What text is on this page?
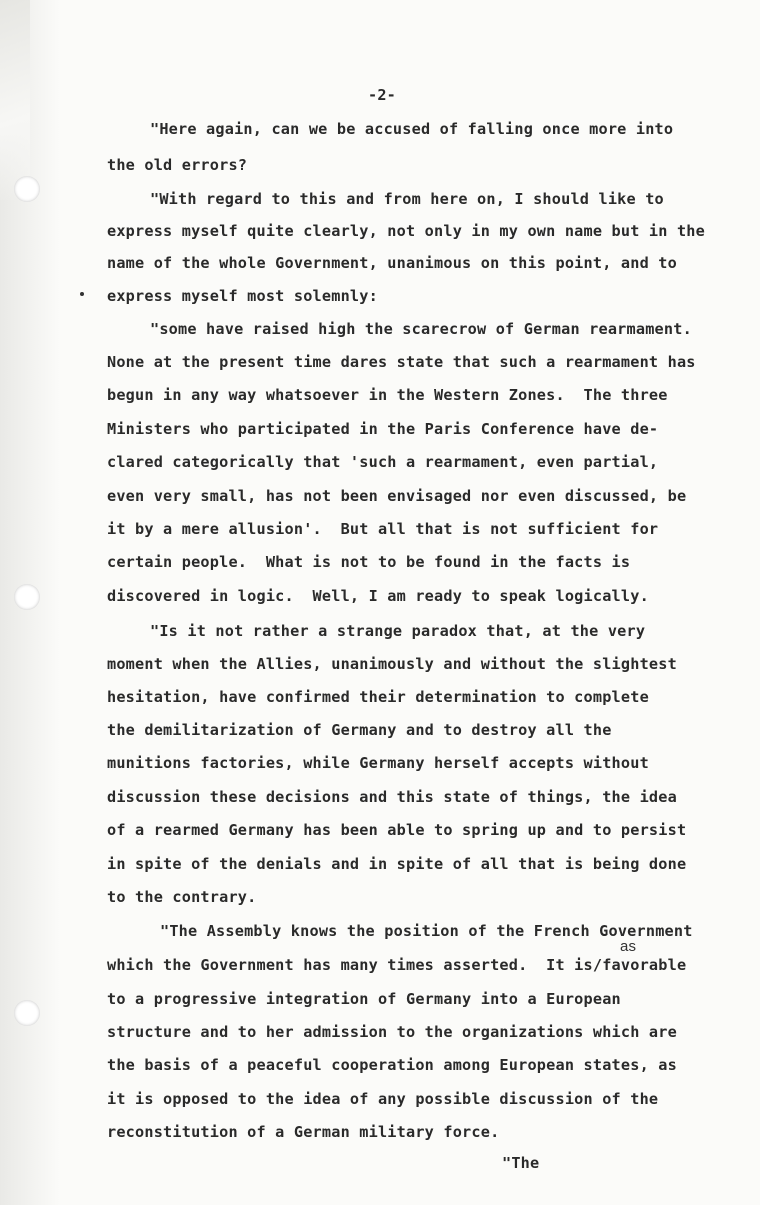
-2-
"Here again, can we be accused of falling once more into
the old errors?
"With regard to this and from here on, I should like to
express myself quite clearly, not only in my own name but in the
name of the whole Government, unanimous on this point, and to
express myself most solemnly:
"some have raised high the scarecrow of German rearmament.
None at the present time dares state that such a rearmament has
begun in any way whatsoever in the Western Zones.  The three
Ministers who participated in the Paris Conference have de-
clared categorically that 'such a rearmament, even partial,
even very small, has not been envisaged nor even discussed, be
it by a mere allusion'.  But all that is not sufficient for
certain people.  What is not to be found in the facts is
discovered in logic.  Well, I am ready to speak logically.
"Is it not rather a strange paradox that, at the very
moment when the Allies, unanimously and without the slightest
hesitation, have confirmed their determination to complete
the demilitarization of Germany and to destroy all the
munitions factories, while Germany herself accepts without
discussion these decisions and this state of things, the idea
of a rearmed Germany has been able to spring up and to persist
in spite of the denials and in spite of all that is being done
to the contrary.
"The Assembly knows the position of the French Government
as
which the Government has many times asserted.  It is/favorable
to a progressive integration of Germany into a European
structure and to her admission to the organizations which are
the basis of a peaceful cooperation among European states, as
it is opposed to the idea of any possible discussion of the
reconstitution of a German military force.
"The
